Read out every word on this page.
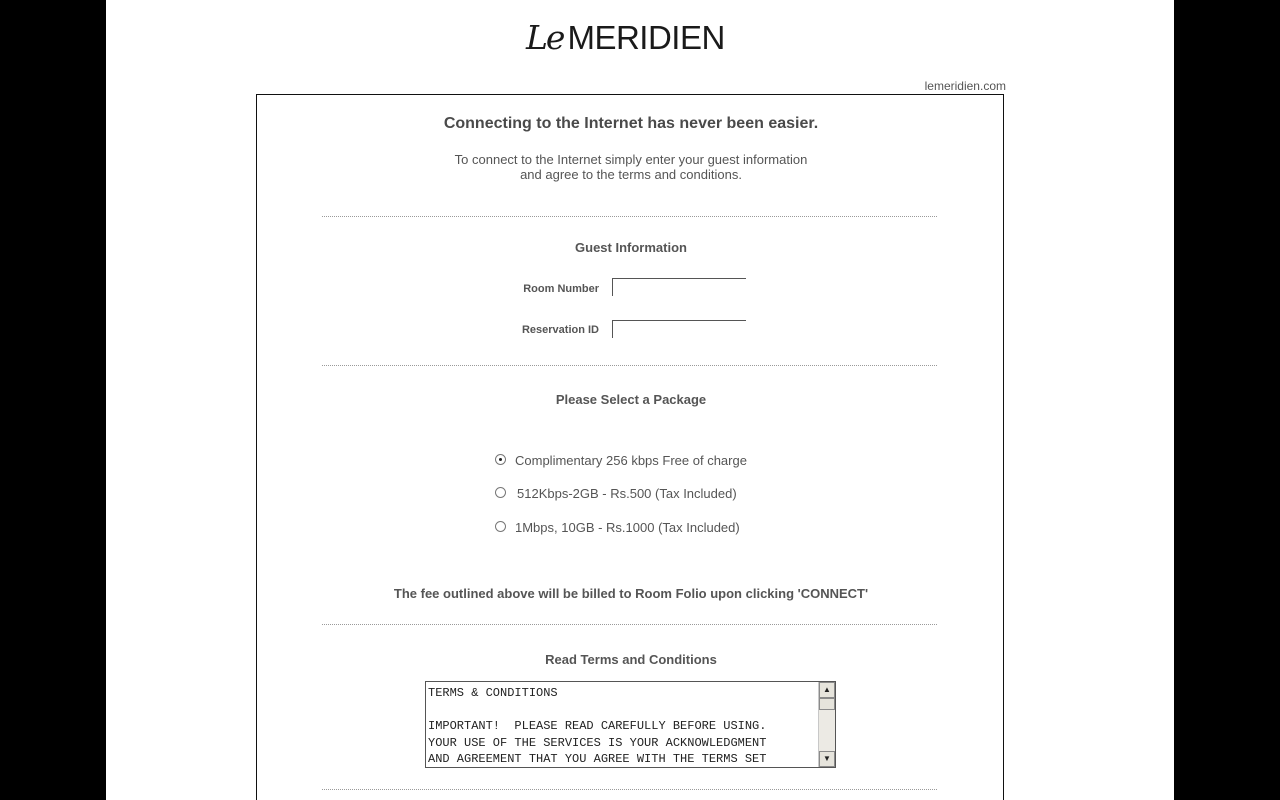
Le MERIDIEN
lemeridien.com
Connecting to the Internet has never been easier.
To connect to the Internet simply enter your guest information
and agree to the terms and conditions.
Guest Information
Room Number
Reservation ID
Please Select a Package
Complimentary 256 kbps Free of charge
512Kbps-2GB - Rs.500 (Tax Included)
1Mbps, 10GB - Rs.1000 (Tax Included)
The fee outlined above will be billed to Room Folio upon clicking 'CONNECT'
Read Terms and Conditions
TERMS & CONDITIONS

IMPORTANT!  PLEASE READ CAREFULLY BEFORE USING.
YOUR USE OF THE SERVICES IS YOUR ACKNOWLEDGMENT
AND AGREEMENT THAT YOU AGREE WITH THE TERMS SET
▲
▼
